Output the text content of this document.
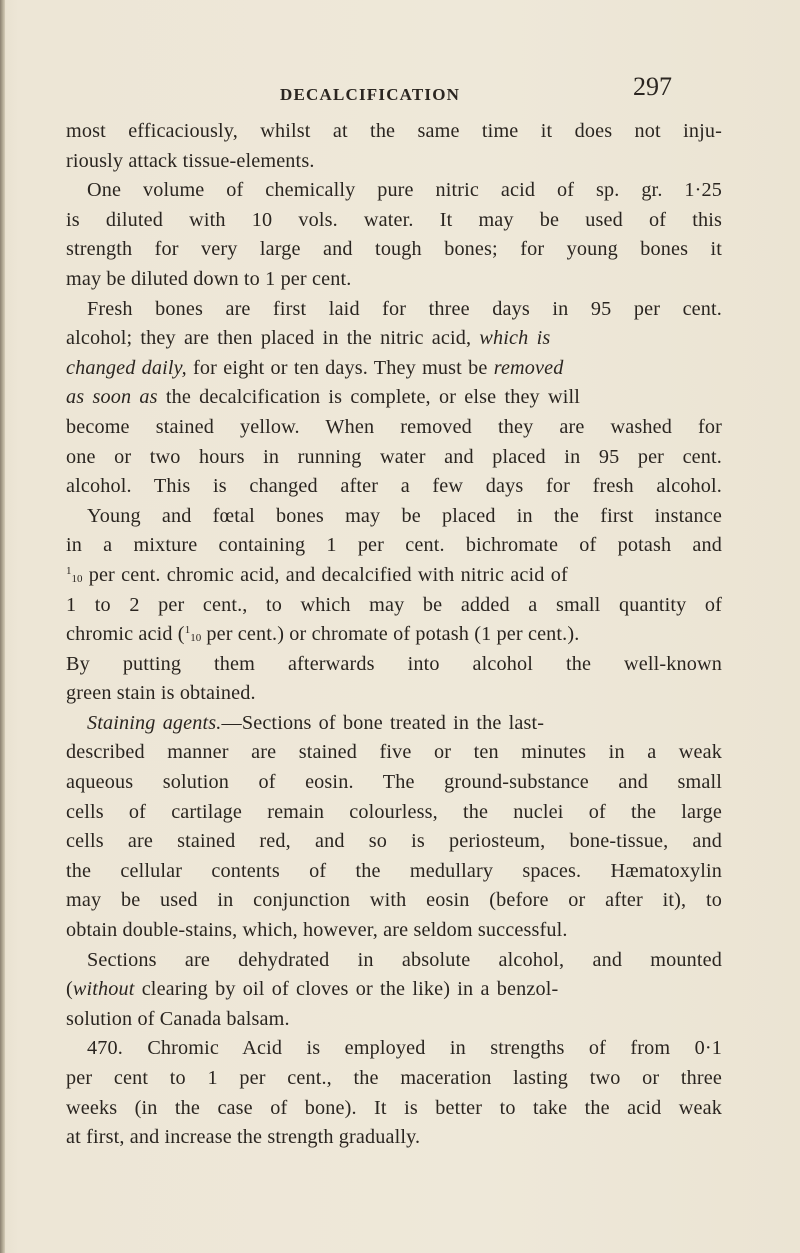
DECALCIFICATION	297
most efficaciously, whilst at the same time it does not inju-
riously attack tissue-elements.
One volume of chemically pure nitric acid of sp. gr. 1·25
is diluted with 10 vols. water. It may be used of this
strength for very large and tough bones; for young bones it
may be diluted down to 1 per cent.
Fresh bones are first laid for three days in 95 per cent.
alcohol; they are then placed in the nitric acid, which is
changed daily, for eight or ten days. They must be removed
as soon as the decalcification is complete, or else they will
become stained yellow. When removed they are washed for
one or two hours in running water and placed in 95 per cent.
alcohol. This is changed after a few days for fresh alcohol.
Young and fœtal bones may be placed in the first instance
in a mixture containing 1 per cent. bichromate of potash and
110 per cent. chromic acid, and decalcified with nitric acid of
1 to 2 per cent., to which may be added a small quantity of
chromic acid (110 per cent.) or chromate of potash (1 per cent.).
By putting them afterwards into alcohol the well-known
green stain is obtained.
Staining agents.—Sections of bone treated in the last-
described manner are stained five or ten minutes in a weak
aqueous solution of eosin. The ground-substance and small
cells of cartilage remain colourless, the nuclei of the large
cells are stained red, and so is periosteum, bone-tissue, and
the cellular contents of the medullary spaces. Hæmatoxylin
may be used in conjunction with eosin (before or after it), to
obtain double-stains, which, however, are seldom successful.
Sections are dehydrated in absolute alcohol, and mounted
(without clearing by oil of cloves or the like) in a benzol-
solution of Canada balsam.
470. Chromic Acid is employed in strengths of from 0·1
per cent to 1 per cent., the maceration lasting two or three
weeks (in the case of bone). It is better to take the acid weak
at first, and increase the strength gradually.
